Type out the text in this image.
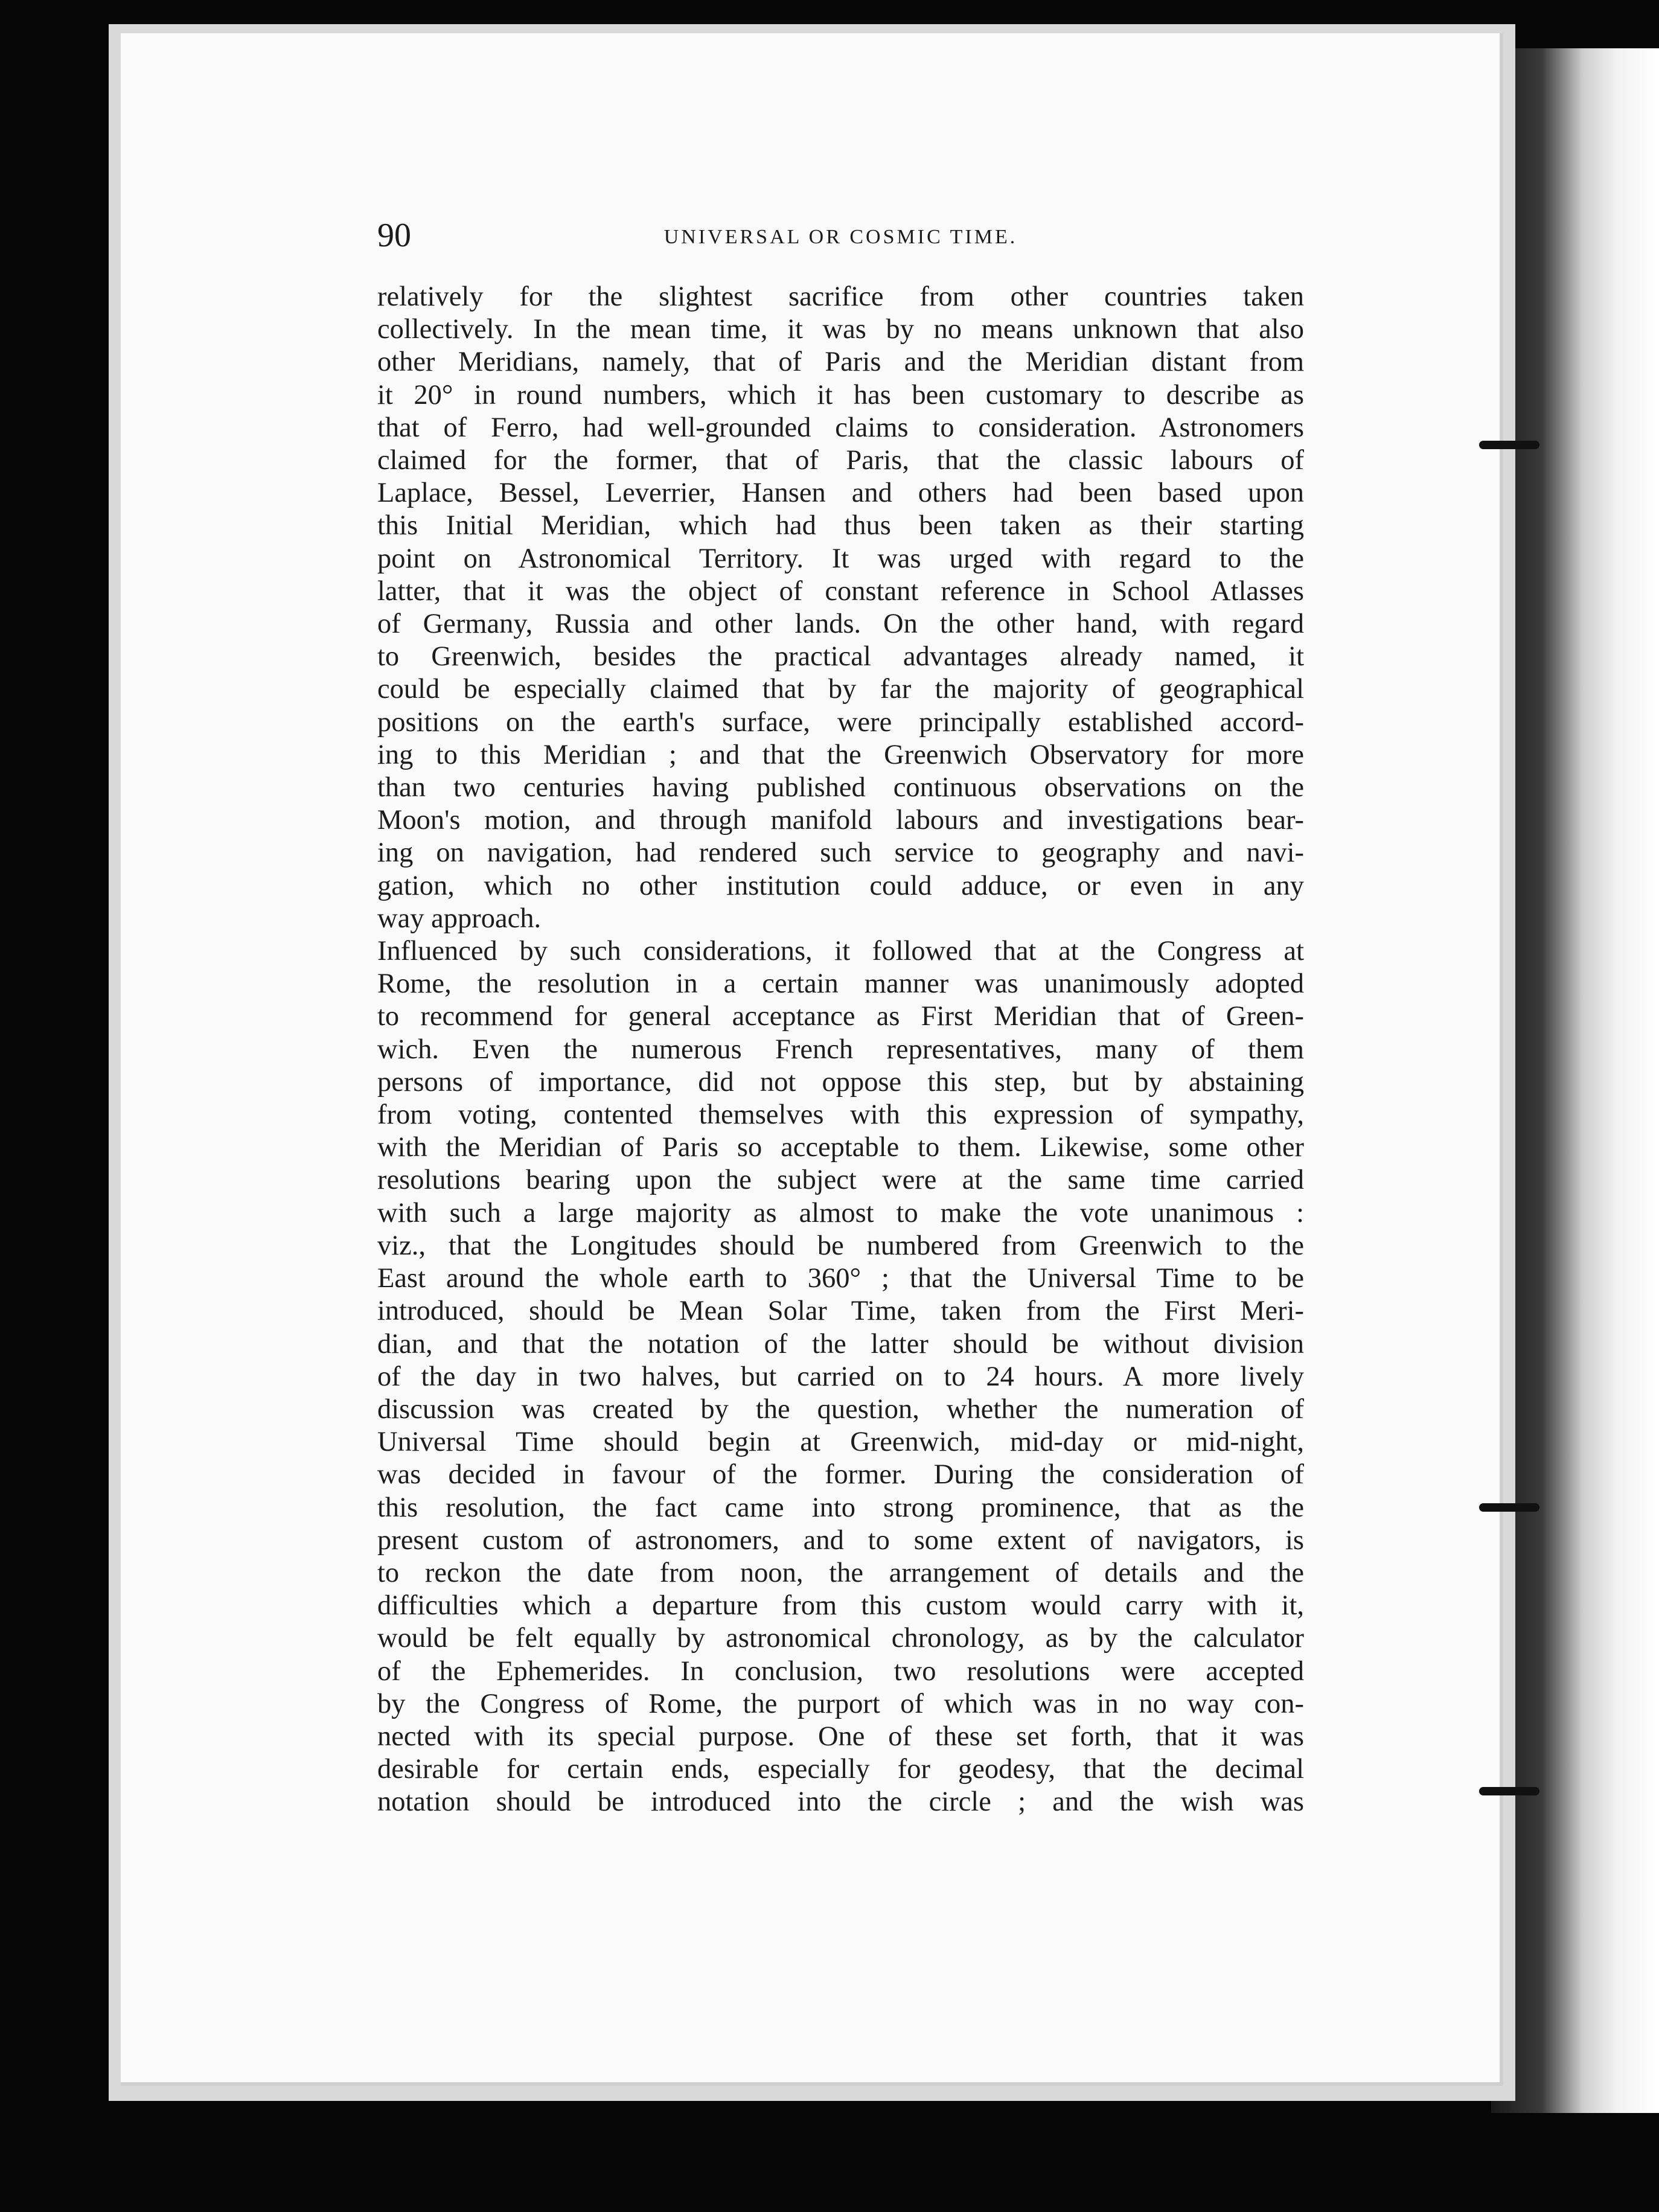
90	UNIVERSAL OR COSMIC TIME.

relatively for the slightest sacrifice from other countries taken

collectively. In the mean time, it was by no means unknown that also

other Meridians, namely, that of Paris and the Meridian distant from

it 20° in round numbers, which it has been customary to describe as

that of Ferro, had well-grounded claims to consideration. Astronomers

claimed for the former, that of Paris, that the classic labours of

Laplace, Bessel, Leverrier, Hansen and others had been based upon

this Initial Meridian, which had thus been taken as their starting

point on Astronomical Territory. It was urged with regard to the

latter, that it was the object of constant reference in School Atlasses

of Germany, Russia and other lands. On the other hand, with regard

to Greenwich, besides the practical advantages already named, it

could be especially claimed that by far the majority of geographical

positions on the earth's surface, were principally established accord-

ing to this Meridian ; and that the Greenwich Observatory for more

than two centuries having published continuous observations on the

Moon's motion, and through manifold labours and investigations bear-

ing on navigation, had rendered such service to geography and navi-

gation, which no other institution could adduce, or even in any

way approach.

Influenced by such considerations, it followed that at the Congress at

Rome, the resolution in a certain manner was unanimously adopted

to recommend for general acceptance as First Meridian that of Green-

wich. Even the numerous French representatives, many of them

persons of importance, did not oppose this step, but by abstaining

from voting, contented themselves with this expression of sympathy,

with the Meridian of Paris so acceptable to them. Likewise, some other

resolutions bearing upon the subject were at the same time carried

with such a large majority as almost to make the vote unanimous :

viz., that the Longitudes should be numbered from Greenwich to the

East around the whole earth to 360° ; that the Universal Time to be

introduced, should be Mean Solar Time, taken from the First Meri-

dian, and that the notation of the latter should be without division

of the day in two halves, but carried on to 24 hours. A more lively

discussion was created by the question, whether the numeration of

Universal Time should begin at Greenwich, mid-day or mid-night,

was decided in favour of the former. During the consideration of

this resolution, the fact came into strong prominence, that as the

present custom of astronomers, and to some extent of navigators, is

to reckon the date from noon, the arrangement of details and the

difficulties which a departure from this custom would carry with it,

would be felt equally by astronomical chronology, as by the calculator

of the Ephemerides. In conclusion, two resolutions were accepted

by the Congress of Rome, the purport of which was in no way con-

nected with its special purpose. One of these set forth, that it was

desirable for certain ends, especially for geodesy, that the decimal

notation should be introduced into the circle ; and the wish was
